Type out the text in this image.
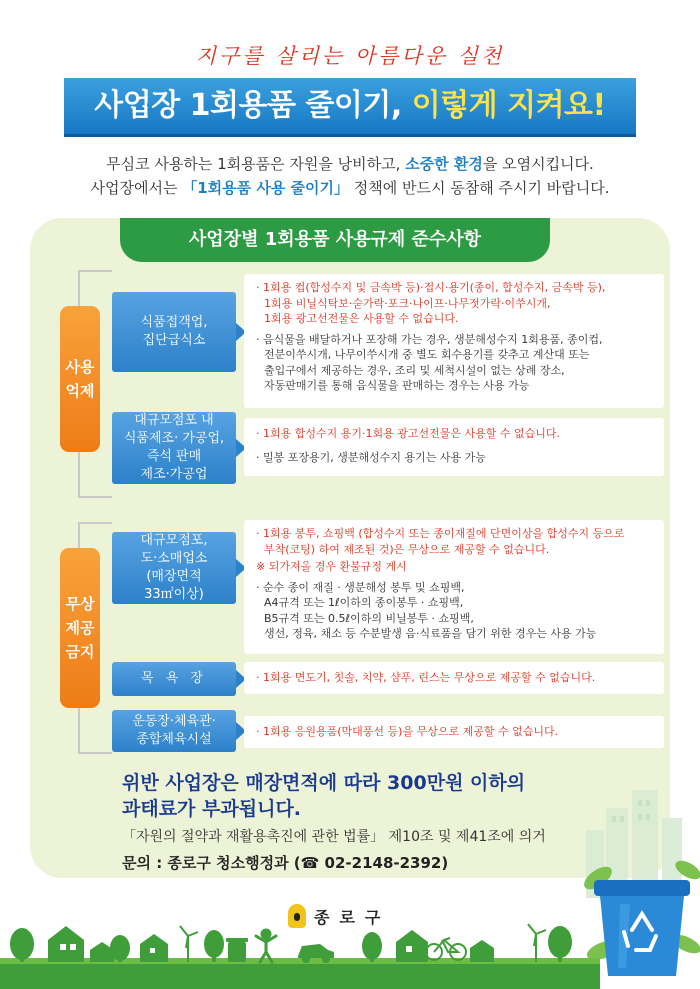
지구를 살리는 아름다운 실천
사업장 1회용품 줄이기, 이렇게 지켜요!
무심코 사용하는 1회용품은 자원을 낭비하고, 소중한 환경을 오염시킵니다.
사업장에서는 「1회용품 사용 줄이기」 정책에 반드시 동참해 주시기 바랍니다.
사업장별 1회용품 사용규제 준수사항
사용
억제
무상
제공
금지
식품접객업,
집단급식소

· 1회용 컵(합성수지 및 금속박 등)·접시·용기(종이, 합성수지, 금속박 등),
1회용 비닐식탁보·숟가락·포크·나이프·나무젓가락·이쑤시개,
1회용 광고선전물은 사용할 수 없습니다.

· 음식물을 배달하거나 포장해 가는 경우, 생분해성수지 1회용품, 종이컵,
전분이쑤시개, 나무이쑤시개 중 별도 회수용기를 갖추고 계산대 또는
출입구에서 제공하는 경우, 조리 및 세척시설이 없는 상례 장소,
자동판매기를 통해 음식물을 판매하는 경우는 사용 가능

대규모점포 내
식품제조· 가공업,
즉석 판매
제조·가공업

· 1회용 합성수지 용기·1회용 광고선전물은 사용할 수 없습니다.

· 밀봉 포장용기, 생분해성수지 용기는 사용 가능

대규모점포,
도·소매업소
(매장면적
33㎡이상)

· 1회용 봉투, 쇼핑백 (합성수지 또는 종이재질에 단면이상을 합성수지 등으로
부착(코팅) 하여 제조된 것)은 무상으로 제공할 수 없습니다.

※ 되가져올 경우 환불규정 게시

· 순수 종이 재질 · 생분해성 봉투 및 쇼핑백,
A4규격 또는 1ℓ이하의 종이봉투 · 쇼핑백,
B5규격 또는 0.5ℓ이하의 비닐봉투 · 쇼핑백,
생선, 정육, 채소 등 수분발생 음·식료품을 담기 위한 경우는 사용 가능

목 욕 장	· 1회용 면도기, 칫솔, 치약, 샴푸, 린스는 무상으로 제공할 수 없습니다.

운동장·체육관·
종합체육시설

· 1회용 응원용품(막대풍선 등)을 무상으로 제공할 수 없습니다.

위반 사업장은 매장면적에 따라 300만원 이하의
과태료가 부과됩니다.
「자원의 절약과 재활용촉진에 관한 법률」 제10조 및 제41조에 의거
문의 : 종로구 청소행정과 (☎ 02-2148-2392)
종로구
